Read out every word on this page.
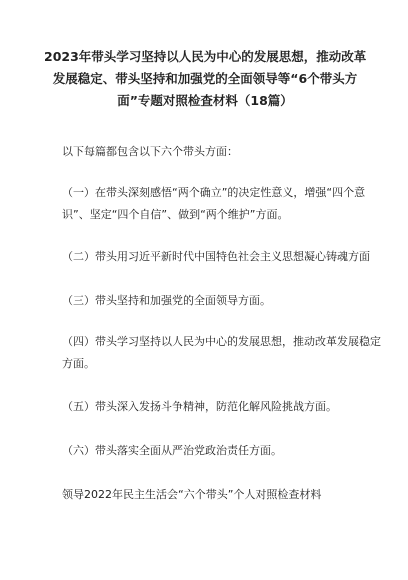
2023年带头学习坚持以人民为中心的发展思想，推动改革
发展稳定、带头坚持和加强党的全面领导等“6个带头方
面”专题对照检查材料（18篇）

以下每篇都包含以下六个带头方面：

（一）在带头深刻感悟“两个确立”的决定性意义，增强“四个意
识”、坚定“四个自信”、做到“两个维护”方面。

（二）带头用习近平新时代中国特色社会主义思想凝心铸魂方面

（三）带头坚持和加强党的全面领导方面。

（四）带头学习坚持以人民为中心的发展思想，推动改革发展稳定
方面。

（五）带头深入发扬斗争精神，防范化解风险挑战方面。

（六）带头落实全面从严治党政治责任方面。

领导2022年民主生活会“六个带头”个人对照检查材料
